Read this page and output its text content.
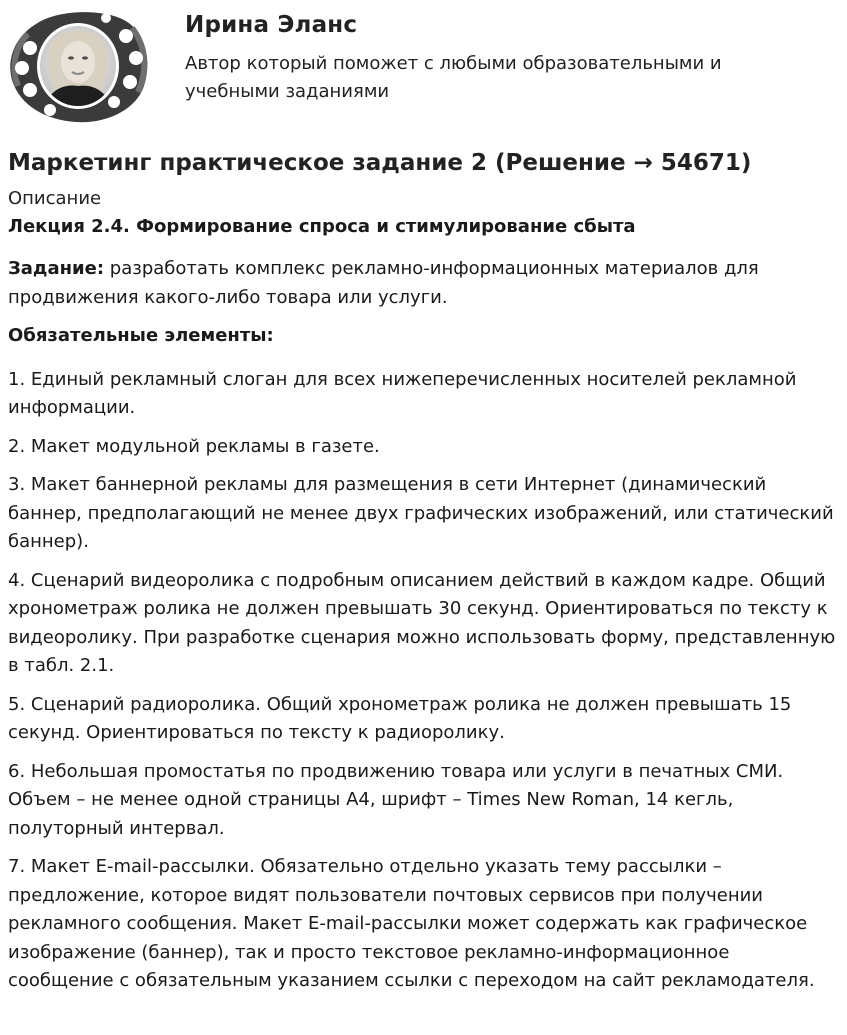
Ирина Эланс
Автор который поможет с любыми образовательными и учебными заданиями
Маркетинг практическое задание 2 (Решение → 54671)
Описание
Лекция 2.4. Формирование спроса и стимулирование сбыта

Задание: разработать комплекс рекламно-информационных материалов для продвижения какого-либо товара или услуги.

Обязательные элементы:

1. Единый рекламный слоган для всех нижеперечисленных носителей рекламной информации.

2. Макет модульной рекламы в газете.

3. Макет баннерной рекламы для размещения в сети Интернет (динамический баннер, предполагающий не менее двух графических изображений, или статический баннер).

4. Сценарий видеоролика с подробным описанием действий в каждом кадре. Общий хронометраж ролика не должен превышать 30 секунд. Ориентироваться по тексту к видеоролику. При разработке сценария можно использовать форму, представленную в табл. 2.1.

5. Сценарий радиоролика. Общий хронометраж ролика не должен превышать 15 секунд. Ориентироваться по тексту к радиоролику.

6. Небольшая промостатья по продвижению товара или услуги в печатных СМИ. Объем – не менее одной страницы А4, шрифт – Times New Roman, 14 кегль, полуторный интервал.

7. Макет E-mail-рассылки. Обязательно отдельно указать тему рассылки – предложение, которое видят пользователи почтовых сервисов при получении рекламного сообщения. Макет E-mail-рассылки может содержать как графическое изображение (баннер), так и просто текстовое рекламно-информационное сообщение с обязательным указанием ссылки с переходом на сайт рекламодателя.
